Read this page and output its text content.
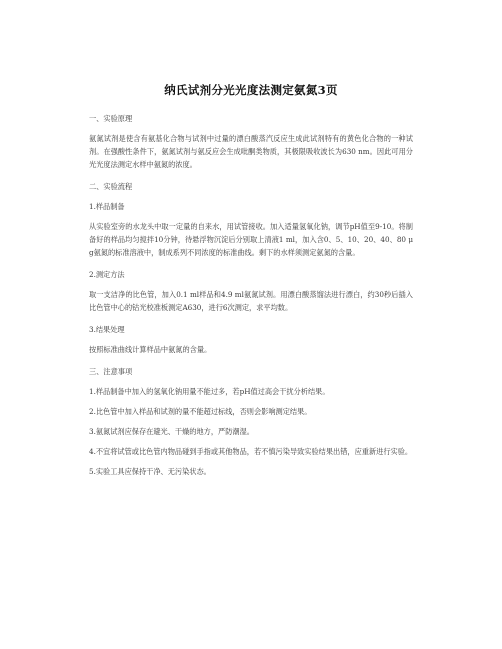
纳氏试剂分光光度法测定氨氮3页

一、实验原理

氨氮试剂是使含有氨基化合物与试剂中过量的漂白酸蒸汽反应生成此试剂特有的黄色化合物的一种试剂。在强酸性条件下，氨氮试剂与氨反应会生成吡酮类物质，其极限吸收波长为630 nm。因此可用分光光度法测定水样中氨氮的浓度。

二、实验流程

1.样品制备

从实验室旁的水龙头中取一定量的自来水，用试管接收。加入适量氢氧化钠，调节pH值至9-10。将制备好的样品均匀搅拌10分钟，待悬浮物沉淀后分别取上清液1 ml，加入含0、5、10、20、40、80 μg氨氮的标准溶液中，制成系列不同浓度的标准曲线。剩下的水样须测定氨氮的含量。

2.测定方法

取一支洁净的比色管，加入0.1 ml样品和4.9 ml氨氮试剂。用漂白酸蒸馏法进行漂白，约30秒后插入比色管中心的钴光校准板测定A630，进行6次测定，求平均数。

3.结果处理

按照标准曲线计算样品中氨氮的含量。

三、注意事项

1.样品制备中加入的氢氧化钠用量不能过多，若pH值过高会干扰分析结果。

2.比色管中加入样品和试剂的量不能超过标线，否则会影响测定结果。

3.氨氮试剂应保存在避光、干燥的地方，严防潮湿。

4.不宜将试管或比色管内物品碰到手指或其他物品，若不慎污染导致实验结果出错，应重新进行实验。

5.实验工具应保持干净、无污染状态。
